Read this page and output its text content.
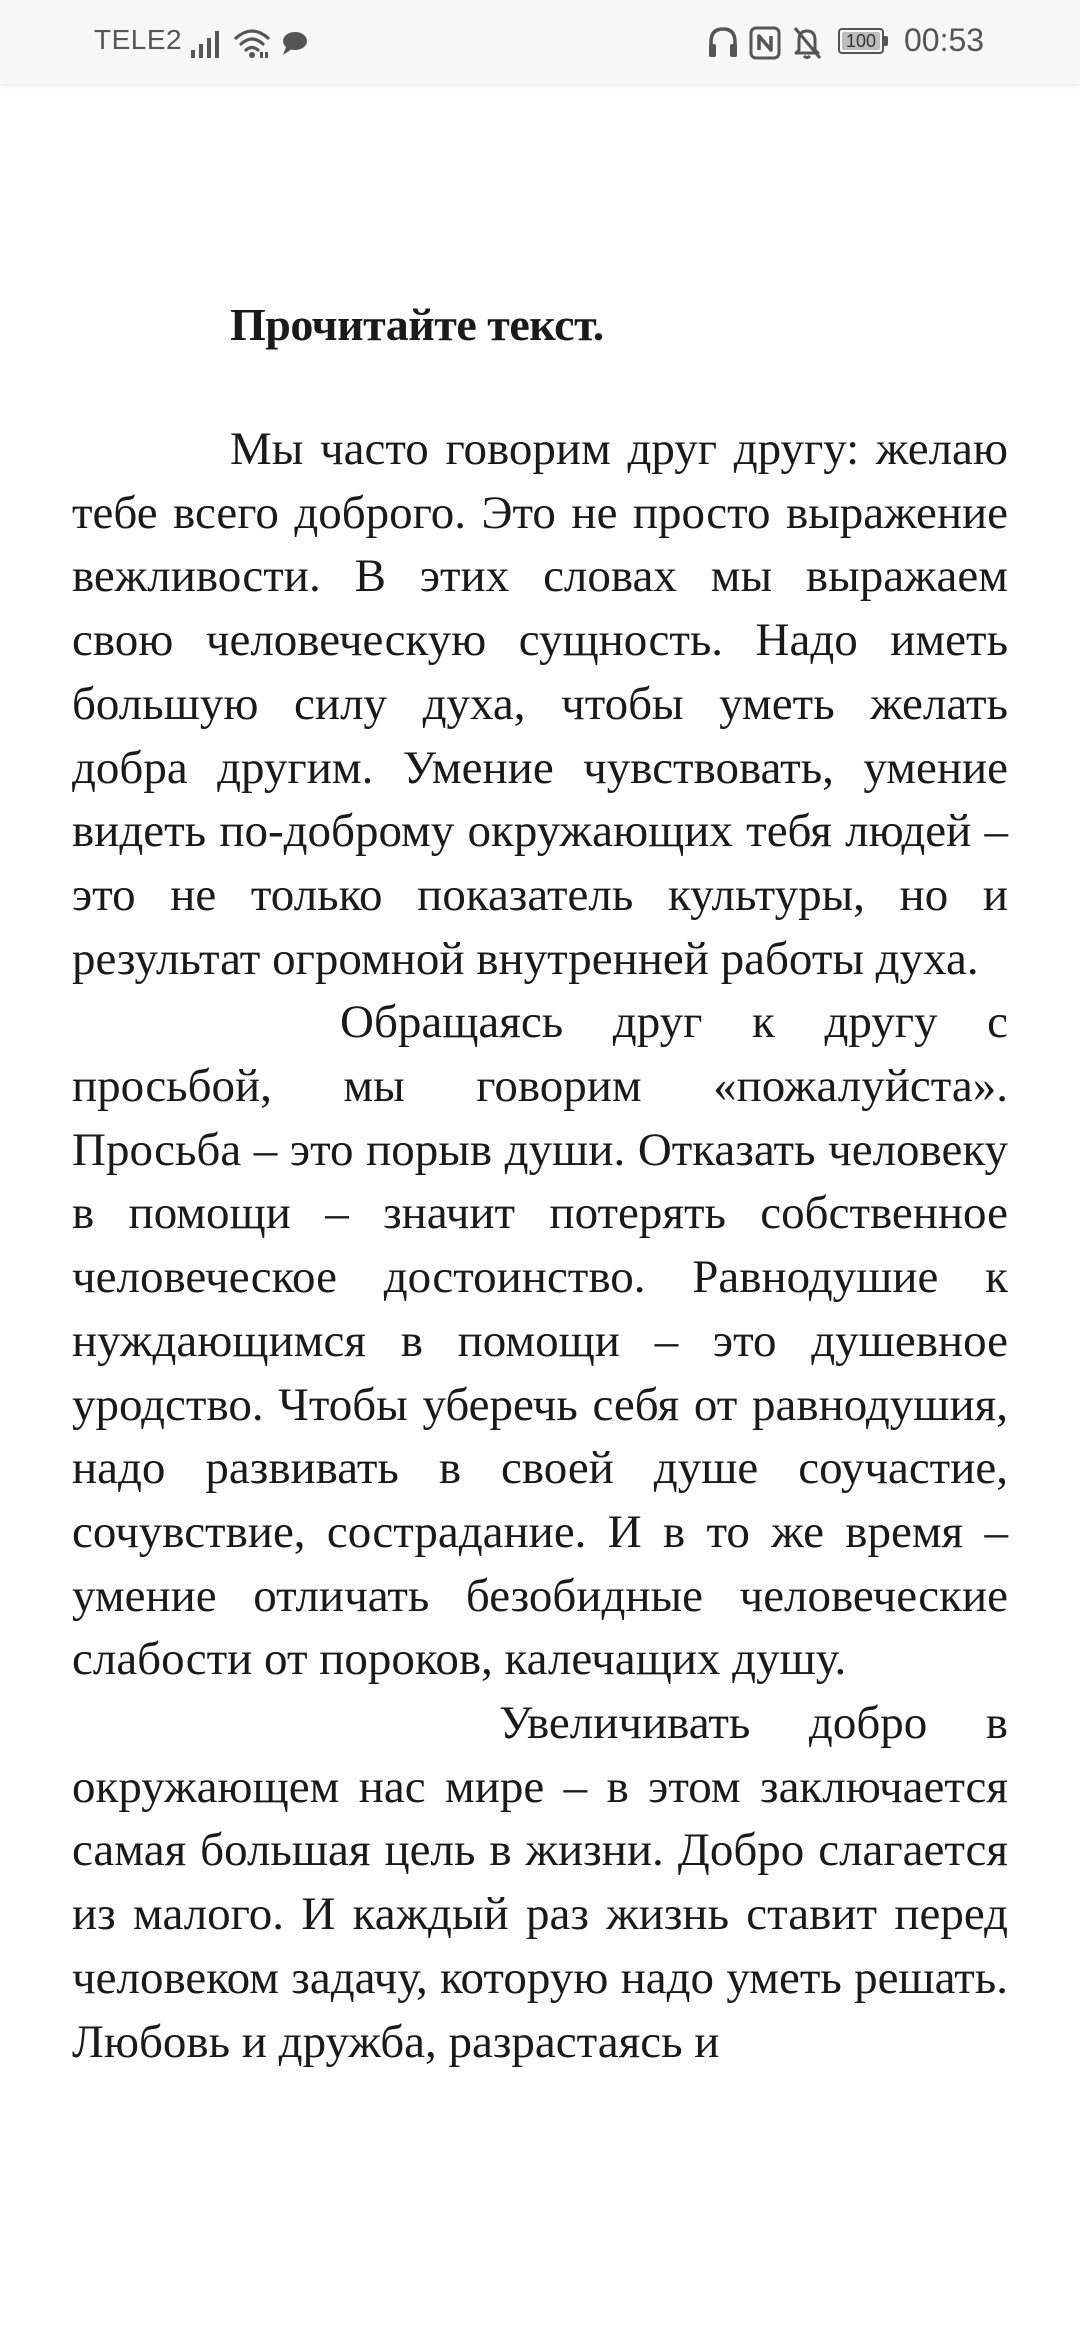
TELE2	100 00:53
Прочитайте текст.

Мы часто говорим друг другу: желаю тебе всего доброго. Это не просто выражение вежливости. В этих словах мы выражаем свою человеческую сущность. Надо иметь большую силу духа, чтобы уметь желать добра другим. Умение чувствовать, умение видеть по-доброму окружающих тебя людей – это не только показатель культуры, но и результат огромной внутренней работы духа.

Обращаясь друг к другу с просьбой, мы говорим «пожалуйста». Просьба – это порыв души. Отказать человеку в помощи – значит потерять собственное человеческое достоинство. Равнодушие к нуждающимся в помощи – это душевное уродство. Чтобы уберечь себя от равнодушия, надо развивать в своей душе соучастие, сочувствие, сострадание. И в то же время – умение отличать безобидные человеческие слабости от пороков, калечащих душу.

Увеличивать добро в окружающем нас мире – в этом заключается самая большая цель в жизни. Добро слагается из малого. И каждый раз жизнь ставит перед человеком задачу, которую надо уметь решать. Любовь и дружба, разрастаясь и
